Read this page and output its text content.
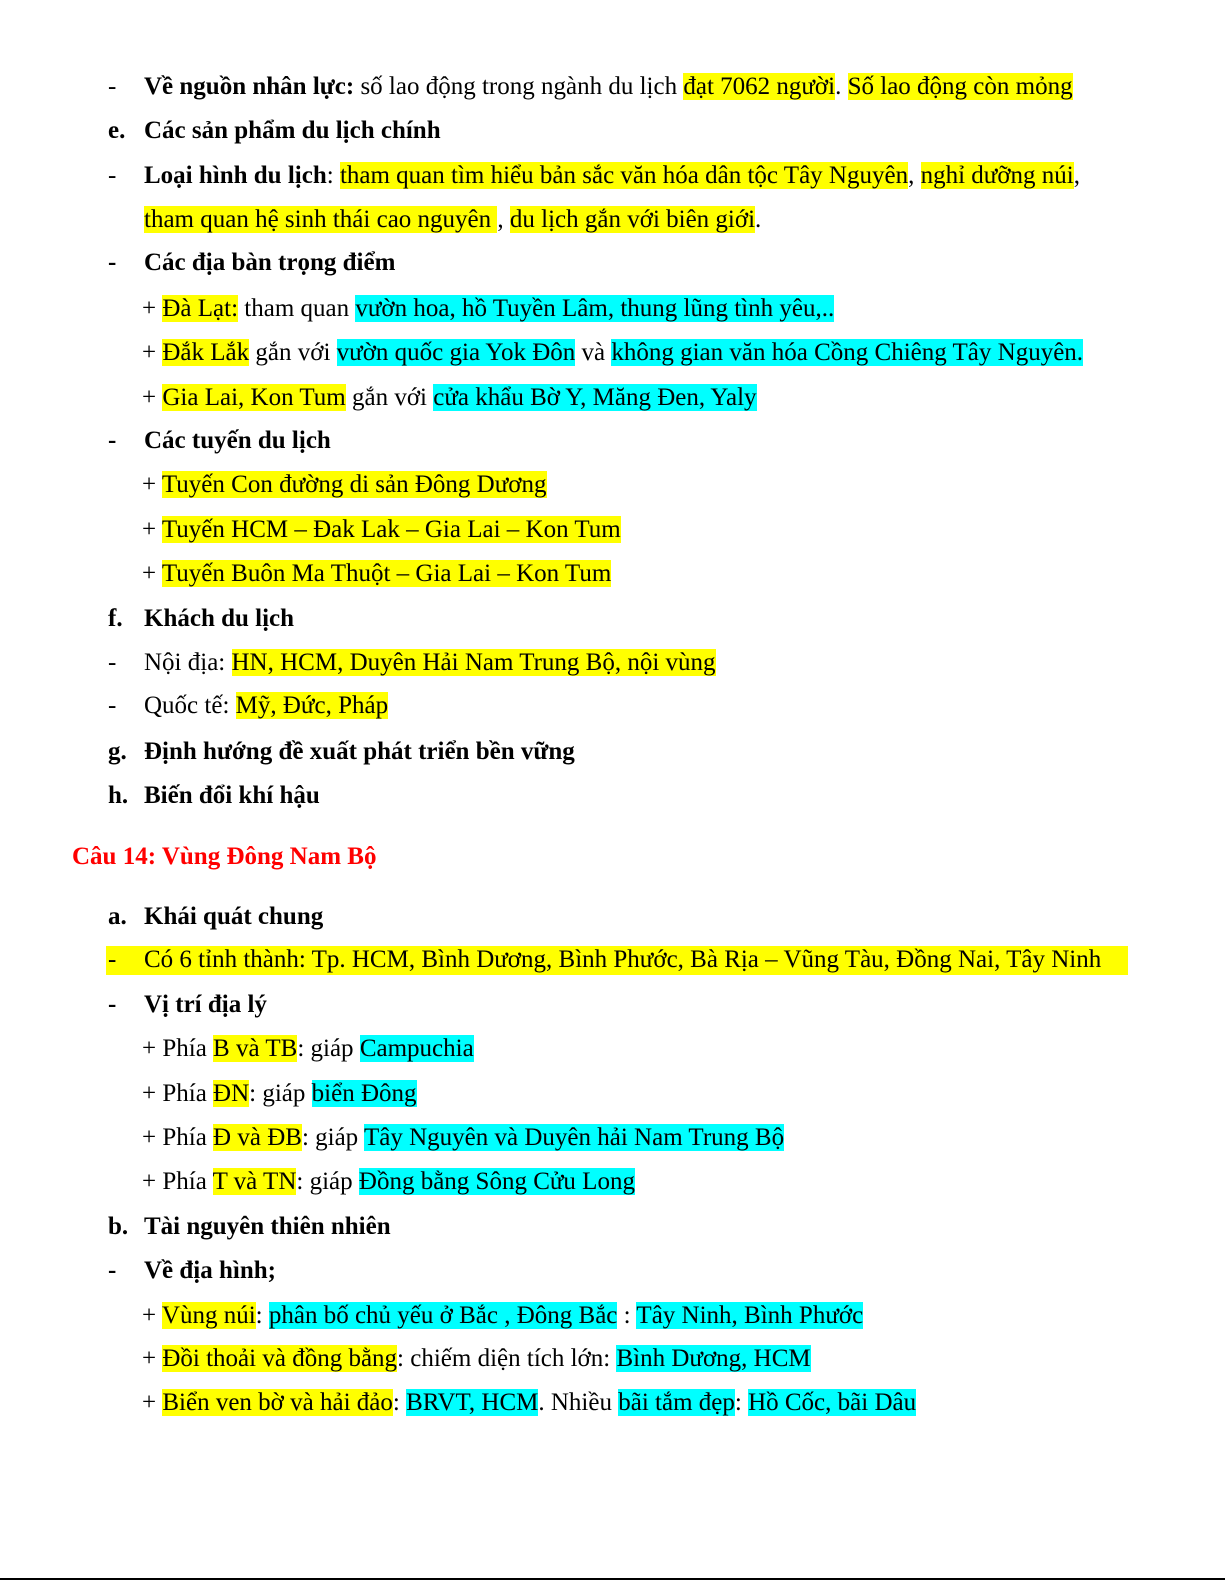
- Về nguồn nhân lực: số lao động trong ngành du lịch đạt 7062 người. Số lao động còn mỏng
e. Các sản phẩm du lịch chính
- Loại hình du lịch: tham quan tìm hiểu bản sắc văn hóa dân tộc Tây Nguyên, nghỉ dưỡng núi,
tham quan hệ sinh thái cao nguyên , du lịch gắn với biên giới.
- Các địa bàn trọng điểm
+ Đà Lạt: tham quan vườn hoa, hồ Tuyền Lâm, thung lũng tình yêu,..
+ Đắk Lắk gắn với vườn quốc gia Yok Đôn và không gian văn hóa Cồng Chiêng Tây Nguyên.
+ Gia Lai, Kon Tum gắn với cửa khẩu Bờ Y, Măng Đen, Yaly
- Các tuyến du lịch
+ Tuyến Con đường di sản Đông Dương
+ Tuyến HCM – Đak Lak – Gia Lai – Kon Tum
+ Tuyến Buôn Ma Thuột – Gia Lai – Kon Tum
f. Khách du lịch
- Nội địa: HN, HCM, Duyên Hải Nam Trung Bộ, nội vùng
- Quốc tế: Mỹ, Đức, Pháp
g. Định hướng đề xuất phát triển bền vững
h. Biến đổi khí hậu
Câu 14: Vùng Đông Nam Bộ
a. Khái quát chung
- Có 6 tỉnh thành: Tp. HCM, Bình Dương, Bình Phước, Bà Rịa – Vũng Tàu, Đồng Nai, Tây Ninh
- Vị trí địa lý
+ Phía B và TB: giáp Campuchia
+ Phía ĐN: giáp biển Đông
+ Phía Đ và ĐB: giáp Tây Nguyên và Duyên hải Nam Trung Bộ
+ Phía T và TN: giáp Đồng bằng Sông Cửu Long
b. Tài nguyên thiên nhiên
- Về địa hình;
+ Vùng núi: phân bố chủ yếu ở Bắc , Đông Bắc : Tây Ninh, Bình Phước
+ Đồi thoải và đồng bằng: chiếm diện tích lớn: Bình Dương, HCM
+ Biển ven bờ và hải đảo: BRVT, HCM. Nhiều bãi tắm đẹp: Hồ Cốc, bãi Dâu
